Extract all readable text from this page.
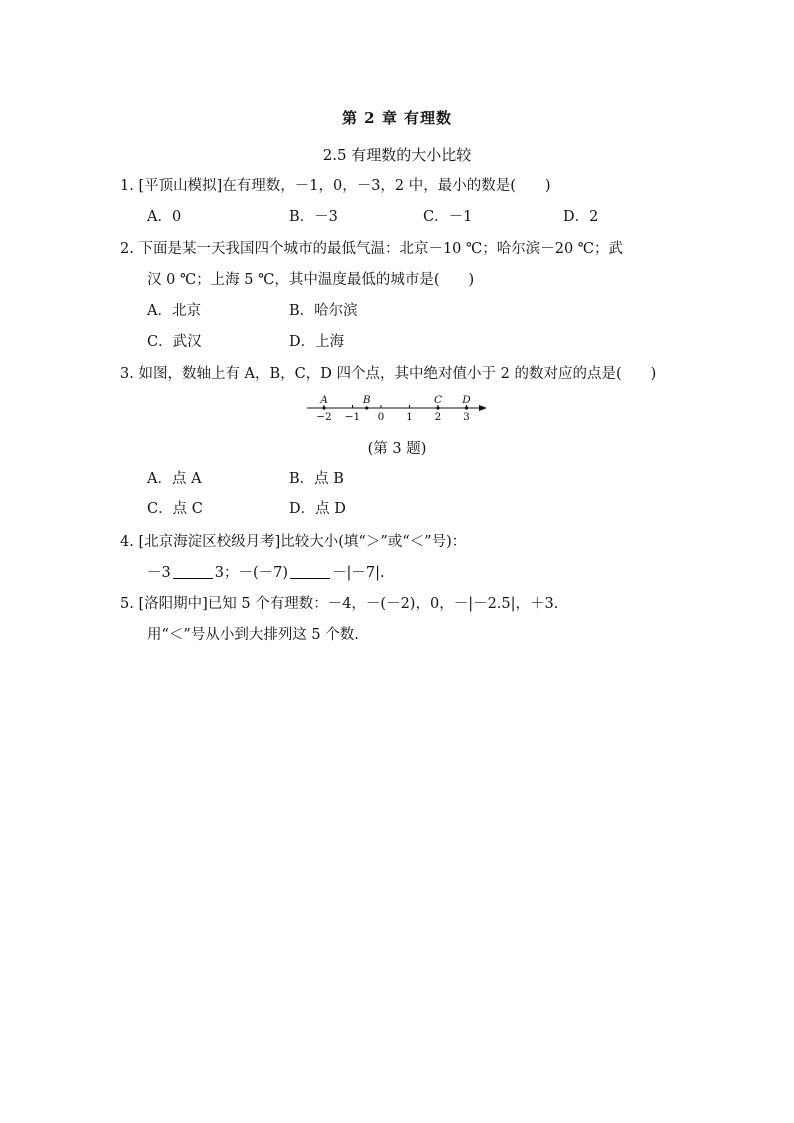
第 2 章 有理数
2.5 有理数的大小比较
1. [平顶山模拟]在有理数，－1，0，－3，2 中，最小的数是(　　)
A．0	B．－3	C．－1	D．2
2. 下面是某一天我国四个城市的最低气温：北京－10 ℃；哈尔滨－20 ℃；武
汉 0 ℃；上海 5 ℃，其中温度最低的城市是(　　)
A．北京	B．哈尔滨
C．武汉	D．上海
3. 如图，数轴上有 A，B，C，D 四个点，其中绝对值小于 2 的数对应的点是(　　)
−2 −1 0 1 2 3
A	B	C D
(第 3 题)
A．点 A	B．点 B
C．点 C	D．点 D
4. [北京海淀区校级月考]比较大小(填“＞”或“＜”号)：
－3	3；－(－7)	－|－7|.
5. [洛阳期中]已知 5 个有理数：－4，－(－2)，0，－|－2.5|，＋3.
用“＜”号从小到大排列这 5 个数.
